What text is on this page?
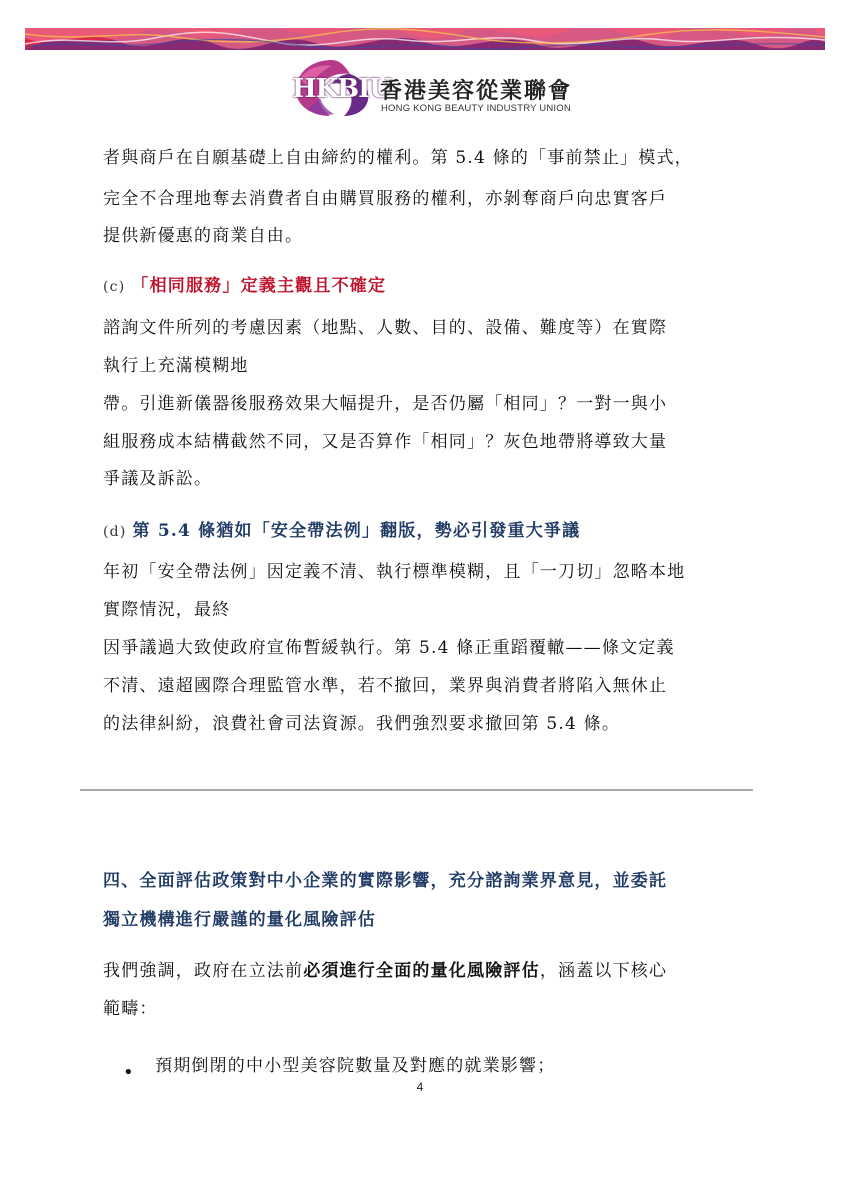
HKBIU
香港美容從業聯會
HONG KONG BEAUTY INDUSTRY UNION
者與商戶在自願基礎上自由締約的權利。第 5.4 條的「事前禁止」模式，
完全不合理地奪去消費者自由購買服務的權利，亦剝奪商戶向忠實客戶
提供新優惠的商業自由。
(c) 「相同服務」定義主觀且不確定
諮詢文件所列的考慮因素（地點、人數、目的、設備、難度等）在實際
執行上充滿模糊地
帶。引進新儀器後服務效果大幅提升，是否仍屬「相同」？一對一與小
組服務成本結構截然不同，又是否算作「相同」？灰色地帶將導致大量
爭議及訴訟。
(d) 第 5.4 條猶如「安全帶法例」翻版，勢必引發重大爭議
年初「安全帶法例」因定義不清、執行標準模糊，且「一刀切」忽略本地
實際情況，最終
因爭議過大致使政府宣佈暫緩執行。第 5.4 條正重蹈覆轍——條文定義
不清、遠超國際合理監管水準，若不撤回，業界與消費者將陷入無休止
的法律糾紛，浪費社會司法資源。我們強烈要求撤回第 5.4 條。
四、全面評估政策對中小企業的實際影響，充分諮詢業界意見，並委託
獨立機構進行嚴謹的量化風險評估
我們強調，政府在立法前必須進行全面的量化風險評估，涵蓋以下核心
範疇：
• 預期倒閉的中小型美容院數量及對應的就業影響；
4
